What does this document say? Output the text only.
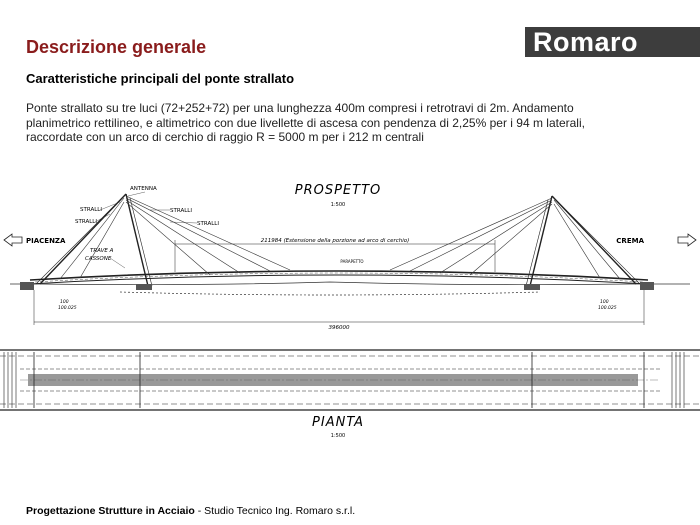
Descrizione generale	Romaro
Caratteristiche principali del ponte strallato
Ponte strallato su tre luci (72+252+72) per una lunghezza 400m compresi i retrotravi di 2m. Andamento
planimetrico rettilineo, e altimetrico con due livellette di ascesa con pendenza di 2,25% per i 94 m laterali,
raccordate con un arco di cerchio di raggio R = 5000 m per i 212 m centrali
PROSPETTO
1:500
211984 (Estensione della porzione ad arco di cerchio)
PARAPETTO
ANTENNA
STRALLI
STRALLI
STRALLI
STRALLI
TRAVE A
CASSONE
PIACENZA	CREMA
100
100.025
100
100.025
396000
PIANTA
1:500
Progettazione Strutture in Acciaio - Studio Tecnico Ing. Romaro s.r.l.
